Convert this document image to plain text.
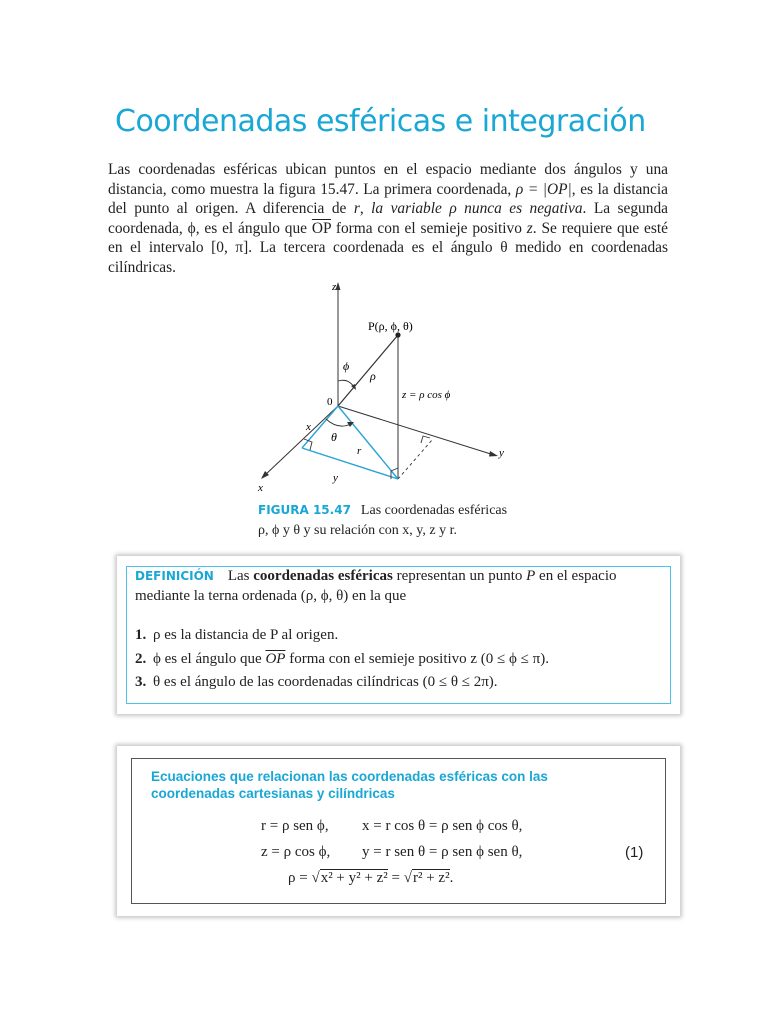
Coordenadas esféricas e integración

Las coordenadas esféricas ubican puntos en el espacio mediante dos ángulos y una distancia, como muestra la figura 15.47. La primera coordenada, ρ = |OP|, es la distancia del punto al origen. A diferencia de r, la variable ρ nunca es negativa. La segunda coordenada, ϕ, es el ángulo que $\overline{OP}$ forma con el semieje positivo z. Se requiere que esté en el intervalo [0, π]. La tercera coordenada es el ángulo θ medido en coordenadas cilíndricas.

P(ρ, ϕ, θ)
z
y
x
x
y
0
ϕ
ρ
θ
r
z = ρ cos ϕ
FIGURA 15.47 Las coordenadas esféricas
ρ, ϕ y θ y su relación con x, y, z y r.
DEFINICIÓN Las coordenadas esféricas representan un punto P en el espacio mediante la terna ordenada (ρ, ϕ, θ) en la que
1. ρ es la distancia de P al origen.
2. ϕ es el ángulo que $\overline{OP}$ forma con el semieje positivo z (0 ≤ ϕ ≤ π).
3. θ es el ángulo de las coordenadas cilíndricas (0 ≤ θ ≤ 2π).
Ecuaciones que relacionan las coordenadas esféricas con las coordenadas cartesianas y cilíndricas
r = ρ sen ϕ, x = r cos θ = ρ sen ϕ cos θ,
z = ρ cos ϕ, y = r sen θ = ρ sen ϕ sen θ,
ρ = √x² + y² + z² = √r² + z².
(1)
